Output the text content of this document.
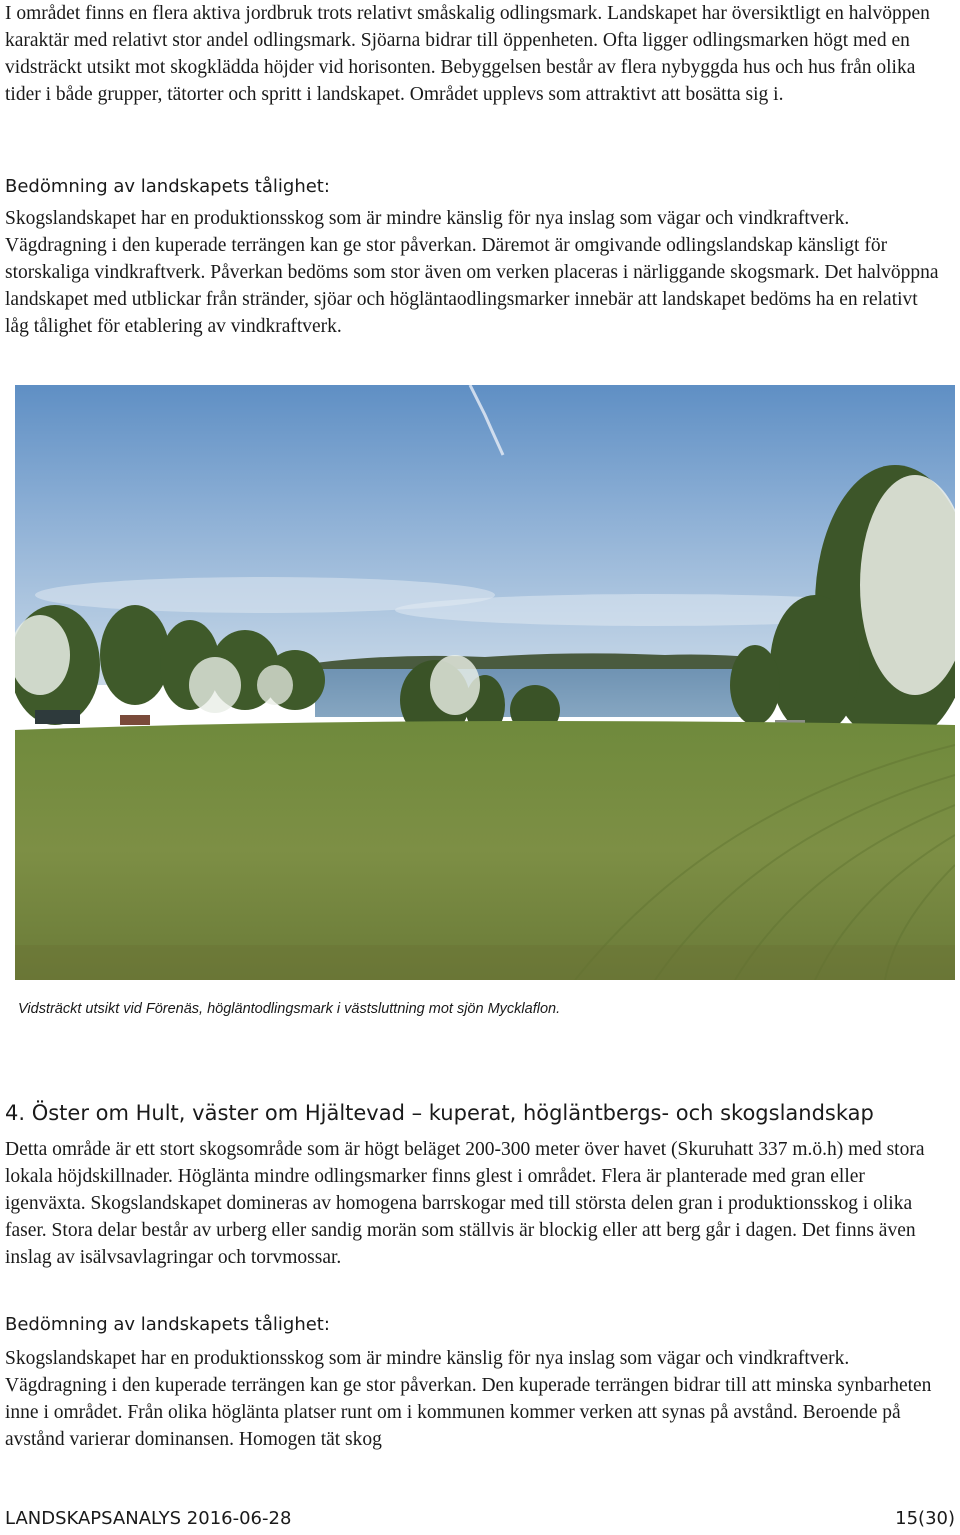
I området finns en flera aktiva jordbruk trots relativt småskalig odlingsmark. Landskapet har översiktligt en halvöppen karaktär med relativt stor andel odlingsmark. Sjöarna bidrar till öppenheten. Ofta ligger odlingsmarken högt med en vidsträckt utsikt mot skogklädda höjder vid horisonten. Bebyggelsen består av flera nybyggda hus och hus från olika tider i både grupper, tätorter och spritt i landskapet. Området upplevs som attraktivt att bosätta sig i.

Bedömning av landskapets tålighet:

Skogslandskapet har en produktionsskog som är mindre känslig för nya inslag som vägar och vindkraftverk. Vägdragning i den kuperade terrängen kan ge stor påverkan. Däremot är omgivande odlingslandskap känsligt för storskaliga vindkraftverk. Påverkan bedöms som stor även om verken placeras i närliggande skogsmark. Det halvöppna landskapet med utblickar från stränder, sjöar och högläntaodlingsmarker innebär att landskapet bedöms ha en relativt låg tålighet för etablering av vindkraftverk.

Vidsträckt utsikt vid Förenäs, högläntodlingsmark i västsluttning mot sjön Mycklaflon.

4. Öster om Hult, väster om Hjältevad – kuperat, högläntbergs- och skogslandskap

Detta område är ett stort skogsområde som är högt beläget 200-300 meter över havet (Skuruhatt 337 m.ö.h) med stora lokala höjdskillnader. Höglänta mindre odlingsmarker finns glest i området. Flera är planterade med gran eller igenväxta. Skogslandskapet domineras av homogena barrskogar med till största delen gran i produktionsskog i olika faser. Stora delar består av urberg eller sandig morän som ställvis är blockig eller att berg går i dagen. Det finns även inslag av isälvsavlagringar och torvmossar.

Bedömning av landskapets tålighet:

Skogslandskapet har en produktionsskog som är mindre känslig för nya inslag som vägar och vindkraftverk. Vägdragning i den kuperade terrängen kan ge stor påverkan. Den kuperade terrängen bidrar till att minska synbarheten inne i området. Från olika höglänta platser runt om i kommunen kommer verken att synas på avstånd. Beroende på avstånd varierar dominansen. Homogen tät skog

LANDSKAPSANALYS 2016-06-28	15(30)
